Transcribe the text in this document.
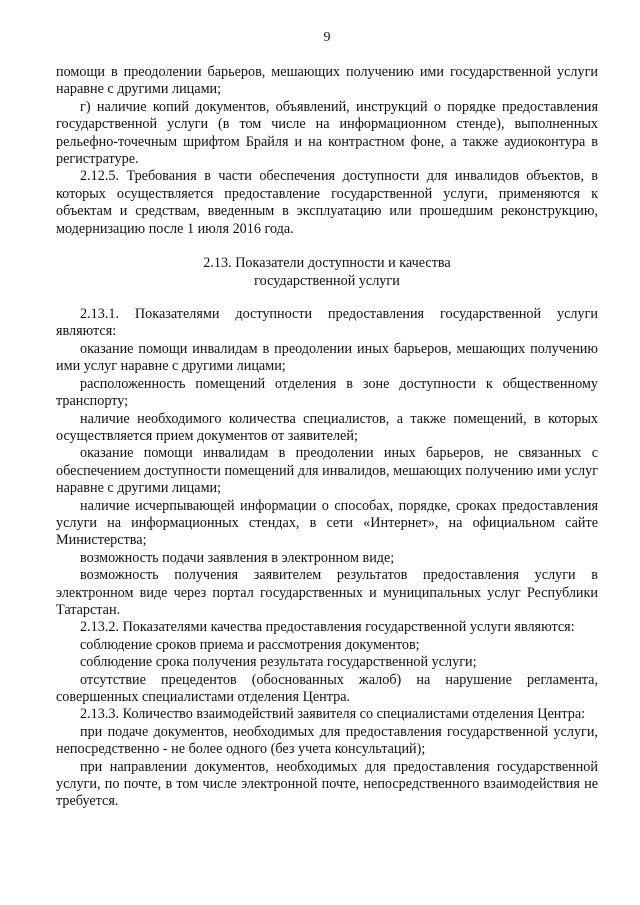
9

помощи в преодолении барьеров, мешающих получению ими государственной услуги наравне с другими лицами;

г) наличие копий документов, объявлений, инструкций о порядке предоставления государственной услуги (в том числе на информационном стенде), выполненных рельефно-точечным шрифтом Брайля и на контрастном фоне, а также аудиоконтура в регистратуре.

2.12.5. Требования в части обеспечения доступности для инвалидов объектов, в которых осуществляется предоставление государственной услуги, применяются к объектам и средствам, введенным в эксплуатацию или прошедшим реконструкцию, модернизацию после 1 июля 2016 года.

2.13. Показатели доступности и качества
государственной услуги

2.13.1. Показателями доступности предоставления государственной услуги являются:

оказание помощи инвалидам в преодолении иных барьеров, мешающих получению ими услуг наравне с другими лицами;

расположенность помещений отделения в зоне доступности к общественному транспорту;

наличие необходимого количества специалистов, а также помещений, в которых осуществляется прием документов от заявителей;

оказание помощи инвалидам в преодолении иных барьеров, не связанных с обеспечением доступности помещений для инвалидов, мешающих получению ими услуг наравне с другими лицами;

наличие исчерпывающей информации о способах, порядке, сроках предоставления услуги на информационных стендах, в сети «Интернет», на официальном сайте Министерства;

возможность подачи заявления в электронном виде;

возможность получения заявителем результатов предоставления услуги в электронном виде через портал государственных и муниципальных услуг Республики Татарстан.

2.13.2. Показателями качества предоставления государственной услуги являются:

соблюдение сроков приема и рассмотрения документов;

соблюдение срока получения результата государственной услуги;

отсутствие прецедентов (обоснованных жалоб) на нарушение регламента, совершенных специалистами отделения Центра.

2.13.3. Количество взаимодействий заявителя со специалистами отделения Центра:

при подаче документов, необходимых для предоставления государственной услуги, непосредственно - не более одного (без учета консультаций);

при направлении документов, необходимых для предоставления государственной услуги, по почте, в том числе электронной почте, непосредственного взаимодействия не требуется.
